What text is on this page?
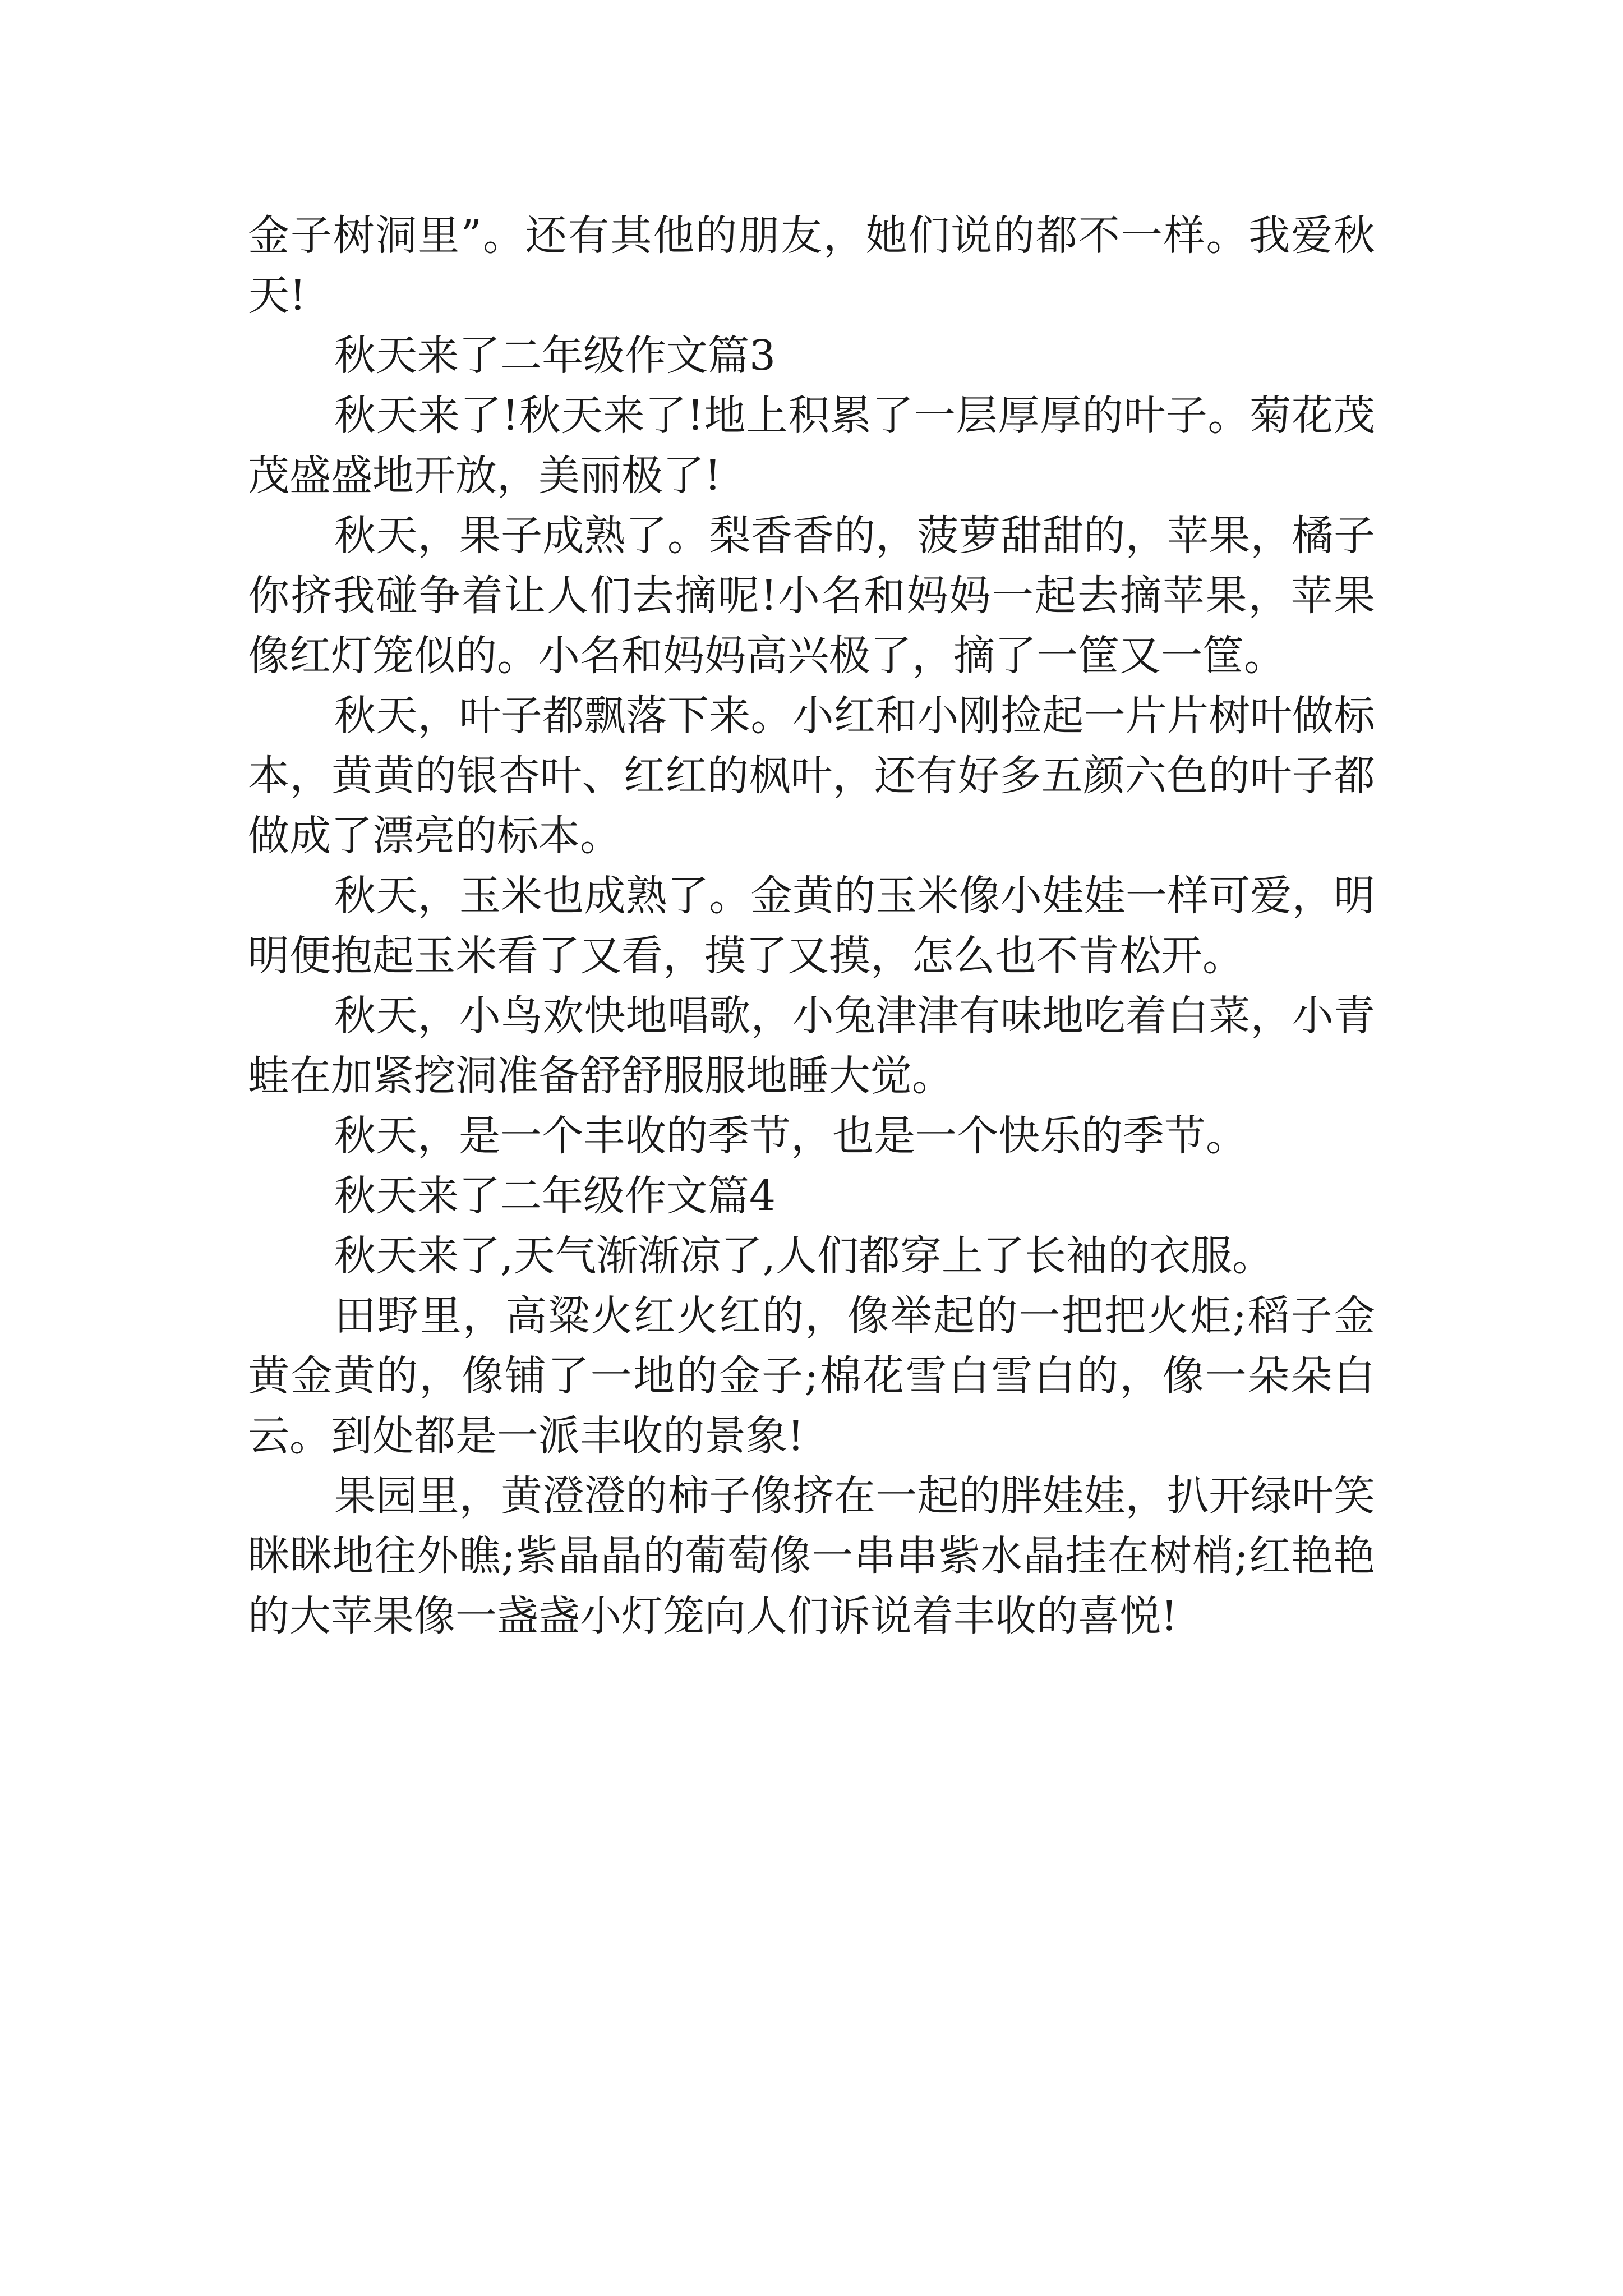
金子树洞里”。还有其他的朋友，她们说的都不一样。我爱秋天!

秋天来了二年级作文篇3

秋天来了!秋天来了!地上积累了一层厚厚的叶子。菊花茂茂盛盛地开放，美丽极了!

秋天，果子成熟了。梨香香的，菠萝甜甜的，苹果，橘子你挤我碰争着让人们去摘呢!小名和妈妈一起去摘苹果，苹果像红灯笼似的。小名和妈妈高兴极了，摘了一筐又一筐。

秋天，叶子都飘落下来。小红和小刚捡起一片片树叶做标本，黄黄的银杏叶、红红的枫叶，还有好多五颜六色的叶子都做成了漂亮的标本。

秋天，玉米也成熟了。金黄的玉米像小娃娃一样可爱，明明便抱起玉米看了又看，摸了又摸，怎么也不肯松开。

秋天，小鸟欢快地唱歌，小兔津津有味地吃着白菜，小青蛙在加紧挖洞准备舒舒服服地睡大觉。

秋天，是一个丰收的季节，也是一个快乐的季节。

秋天来了二年级作文篇4

秋天来了,天气渐渐凉了,人们都穿上了长袖的衣服。

田野里，高粱火红火红的，像举起的一把把火炬;稻子金黄金黄的，像铺了一地的金子;棉花雪白雪白的，像一朵朵白云。到处都是一派丰收的景象!

果园里，黄澄澄的柿子像挤在一起的胖娃娃，扒开绿叶笑眯眯地往外瞧;紫晶晶的葡萄像一串串紫水晶挂在树梢;红艳艳的大苹果像一盏盏小灯笼向人们诉说着丰收的喜悦!
